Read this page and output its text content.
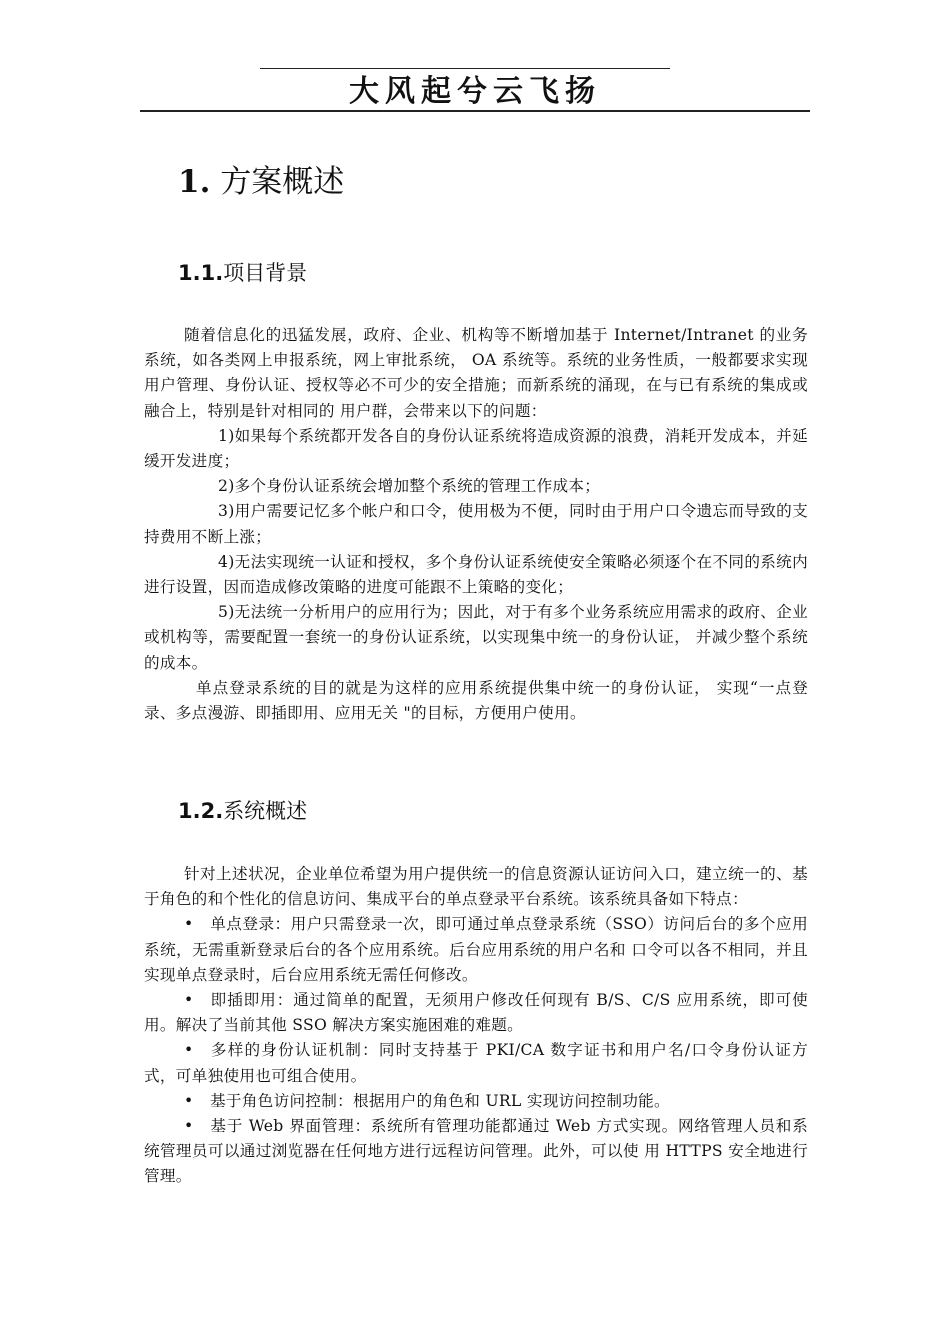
大风起兮云飞扬
1. 方案概述
1.1.项目背景

随着信息化的迅猛发展，政府、企业、机构等不断增加基于 Internet/Intranet 的业务系统，如各类网上申报系统，网上审批系统， OA 系统等。系统的业务性质，一般都要求实现用户管理、身份认证、授权等必不可少的安全措施；而新系统的涌现，在与已有系统的集成或融合上，特别是针对相同的 用户群，会带来以下的问题：

1)如果每个系统都开发各自的身份认证系统将造成资源的浪费，消耗开发成本，并延缓开发进度；

2)多个身份认证系统会增加整个系统的管理工作成本；

3)用户需要记忆多个帐户和口令，使用极为不便，同时由于用户口令遗忘而导致的支持费用不断上涨；

4)无法实现统一认证和授权，多个身份认证系统使安全策略必须逐个在不同的系统内进行设置，因而造成修改策略的进度可能跟不上策略的变化；

5)无法统一分析用户的应用行为；因此，对于有多个业务系统应用需求的政府、企业或机构等，需要配置一套统一的身份认证系统，以实现集中统一的身份认证， 并减少整个系统的成本。

单点登录系统的目的就是为这样的应用系统提供集中统一的身份认证， 实现“一点登录、多点漫游、即插即用、应用无关 "的目标，方便用户使用。

1.2.系统概述

针对上述状况，企业单位希望为用户提供统一的信息资源认证访问入口，建立统一的、基于角色的和个性化的信息访问、集成平台的单点登录平台系统。该系统具备如下特点：

• 单点登录：用户只需登录一次，即可通过单点登录系统（SSO）访问后台的多个应用系统，无需重新登录后台的各个应用系统。后台应用系统的用户名和 口令可以各不相同，并且实现单点登录时，后台应用系统无需任何修改。

• 即插即用：通过简单的配置，无须用户修改任何现有 B/S、C/S 应用系统，即可使用。解决了当前其他 SSO 解决方案实施困难的难题。

• 多样的身份认证机制：同时支持基于 PKI/CA 数字证书和用户名/口令身份认证方式，可单独使用也可组合使用。

• 基于角色访问控制：根据用户的角色和 URL 实现访问控制功能。

• 基于 Web 界面管理：系统所有管理功能都通过 Web 方式实现。网络管理人员和系统管理员可以通过浏览器在任何地方进行远程访问管理。此外，可以使 用 HTTPS 安全地进行管理。
